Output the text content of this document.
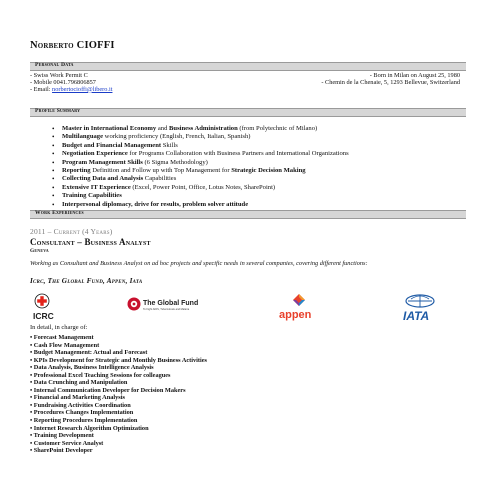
Norberto CIOFFI
Personal Data
- Swiss Work Permit C
- Mobile 0041.796806857
- Email: norbertocioffi@libero.it
- Born in Milan on August 25, 1980
- Chemin de la Chenaie, 5, 1293 Bellevue, Switzerland
Profile Summary
• Master in International Economy and Business Administration (from Polytechnic of Milano)
• Multilanguage working proficiency (English, French, Italian, Spanish)
• Budget and Financial Management Skills
• Negotiation Experience for Programs Collaboration with Business Partners and International Organizations
• Program Management Skills (6 Sigma Methodology)
• Reporting Definition and Follow up with Top Management for Strategic Decision Making
• Collecting Data and Analysis Capabilities
• Extensive IT Experience (Excel, Power Point, Office, Lotus Notes, SharePoint)
• Training Capabilities
• Interpersonal diplomacy, drive for results, problem solver attitude
Work Experiences
2011 – Current (4 Years)
Consultant – Business Analyst
Geneva
Working as Consultant and Business Analyst on ad hoc projects and specific needs in several companies, covering different functions:
Icrc, The Global Fund, Appen, Iata
ICRC
The Global Fund
To Fight AIDS, Tuberculosis and Malaria	appen	IATA
In detail, in charge of:
• Forecast Management
• Cash Flow Management
• Budget Management: Actual and Forecast
• KPIs Development for Strategic and Monthly Business Activities
• Data Analysis, Business Intelligence Analysis
• Professional Excel Teaching Sessions for colleagues
• Data Crunching and Manipulation
• Internal Communication Developer for Decision Makers
• Financial and Marketing Analysis
• Fundraising Activities Coordination
• Procedures Changes Implementation
• Reporting Procedures Implementation
• Internet Research Algorithm Optimization
• Training Development
• Customer Service Analyst
• SharePoint Developer
